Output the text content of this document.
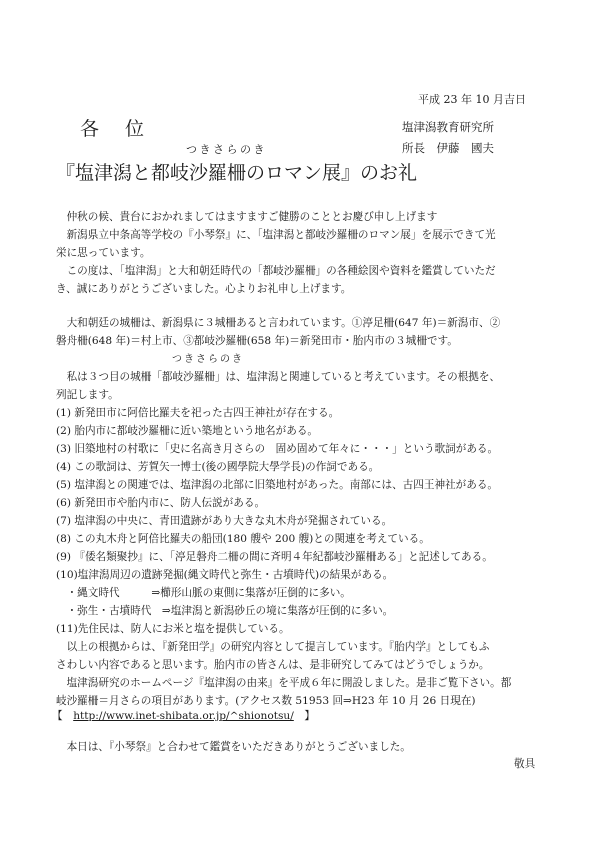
平成 23 年 10 月吉日
各 位	塩津潟教育研究所
所長　伊藤　國夫
つきさらのき
『塩津潟と都岐沙羅柵のロマン展』のお礼
　仲秋の候、貴台におかれましてはますますご健勝のこととお慶び申し上げます
　新潟県立中条高等学校の『小琴祭』に、「塩津潟と都岐沙羅柵のロマン展」を展示できて光
栄に思っています。
　この度は、「塩津潟」と大和朝廷時代の「都岐沙羅柵」の各種絵図や資料を鑑賞していただ
き、誠にありがとうございました。心よりお礼申し上げます。
　大和朝廷の城柵は、新潟県に３城柵あると言われています。①渟足柵(647 年)＝新潟市、②
磐舟柵(648 年)＝村上市、③都岐沙羅柵(658 年)＝新発田市・胎内市の３城柵です。
つきさらのき
　私は３つ目の城柵「都岐沙羅柵」は、塩津潟と関連していると考えています。その根拠を、
列記します。
(1) 新発田市に阿倍比羅夫を祀った古四王神社が存在する。
(2) 胎内市に都岐沙羅柵に近い築地という地名がある。
(3) 旧築地村の村歌に「史に名高き月さらの　固め固めて年々に・・・」という歌詞がある。
(4) この歌詞は、芳賀矢一博士(後の國學院大學学長)の作詞である。
(5) 塩津潟との関連では、塩津潟の北部に旧築地村があった。南部には、古四王神社がある。
(6) 新発田市や胎内市に、防人伝説がある。
(7) 塩津潟の中央に、青田遺跡があり大きな丸木舟が発掘されている。
(8) この丸木舟と阿倍比羅夫の船団(180 艘や 200 艘)との関連を考えている。
(9) 『倭名類聚抄』に、「渟足磐舟二柵の間に斉明４年紀都岐沙羅柵ある」と記述してある。
(10)塩津潟周辺の遺跡発掘(縄文時代と弥生・古墳時代)の結果がある。
　・縄文時代　　　⇒櫛形山脈の東側に集落が圧倒的に多い。
　・弥生・古墳時代　⇒塩津潟と新潟砂丘の境に集落が圧倒的に多い。
(11)先住民は、防人にお米と塩を提供している。
　以上の根拠からは、『新発田学』の研究内容として提言しています。『胎内学』としてもふ
さわしい内容であると思います。胎内市の皆さんは、是非研究してみてはどうでしょうか。
　塩津潟研究のホームページ『塩津潟の由来』を平成６年に開設しました。是非ご覧下さい。都
岐沙羅柵＝月さらの項目があります。(アクセス数 51953 回⇒H23 年 10 月 26 日現在)
【　http://www.inet-shibata.or.jp/^shionotsu/　】
　本日は、『小琴祭』と合わせて鑑賞をいただきありがとうございました。
敬具
